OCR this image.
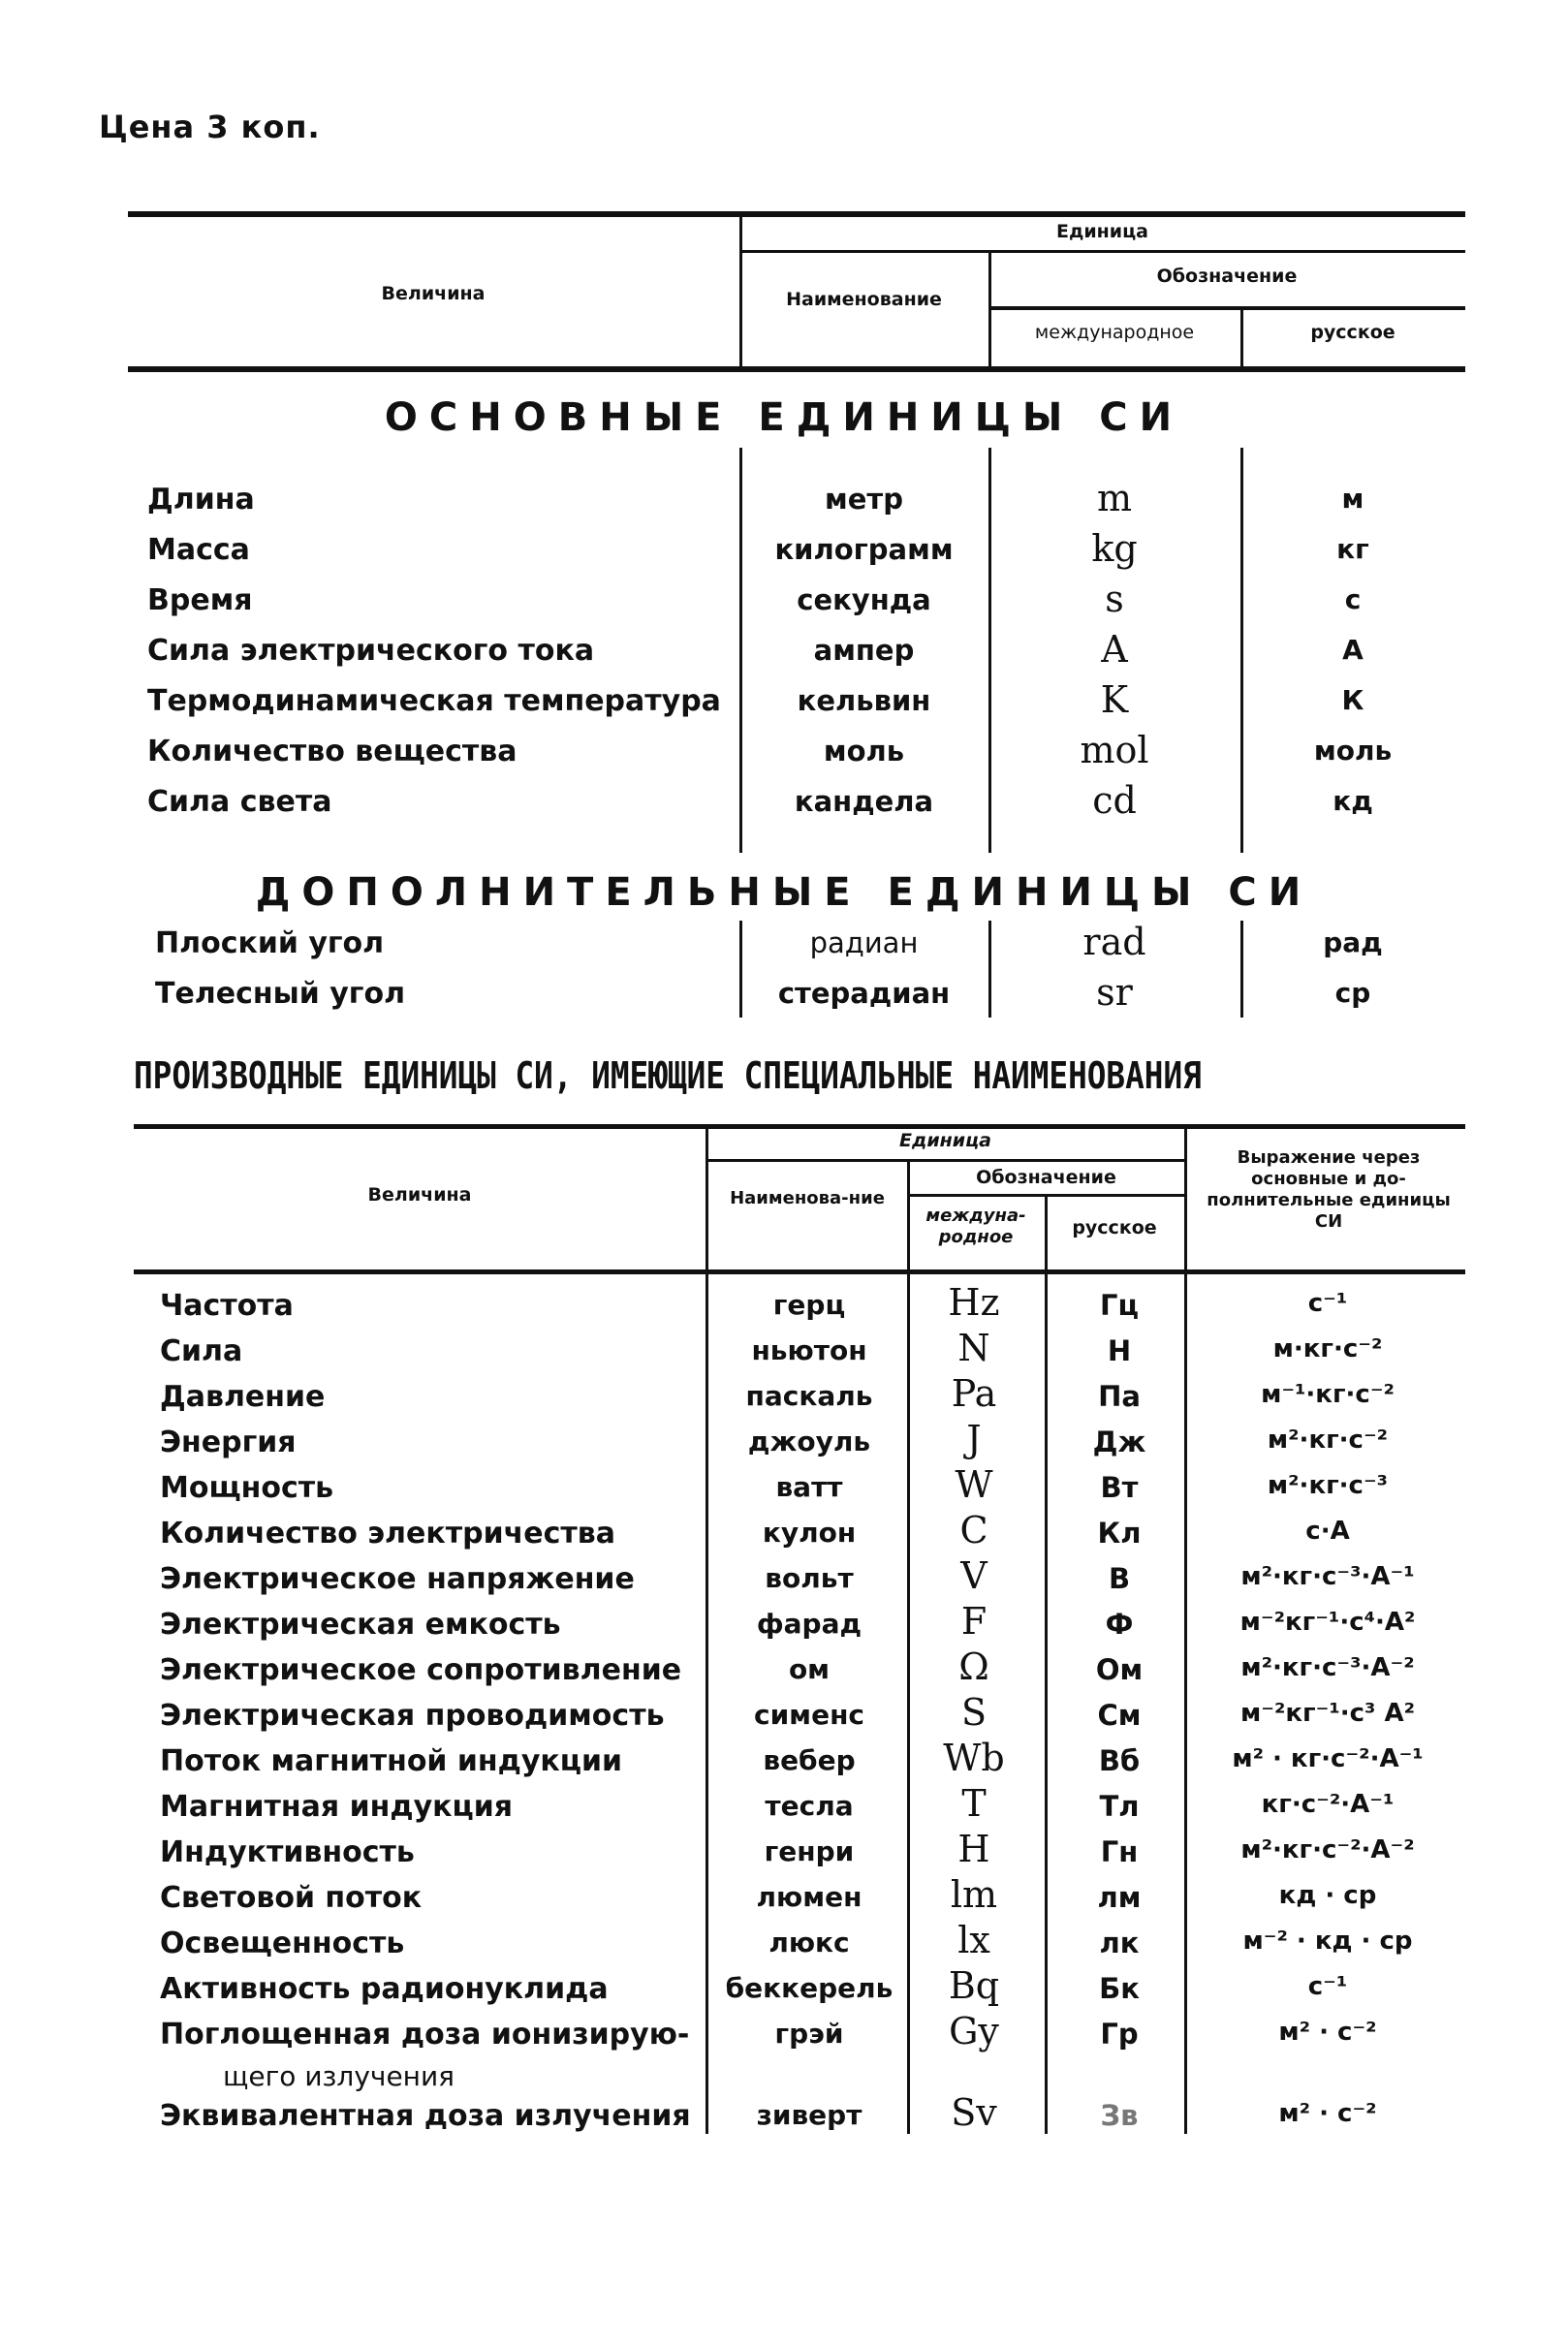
Цена 3 коп.
Величина
Единица
Наименование
Обозначение
международное	русское
ОСНОВНЫЕ ЕДИНИЦЫ СИ
Длина	метр	m	м
Масса	килограмм	kg	кг
Время	секунда	s	с
Сила электрического тока	ампер	A	А
Термодинамическая температура	кельвин	K	К
Количество вещества	моль	mol	моль
Сила света	кандела	cd	кд
ДОПОЛНИТЕЛЬНЫЕ ЕДИНИЦЫ СИ
Плоский угол	радиан	rad	рад
Телесный угол	стерадиан	sr	ср
ПРОИЗВОДНЫЕ ЕДИНИЦЫ СИ, ИМЕЮЩИЕ СПЕЦИАЛЬНЫЕ НАИМЕНОВАНИЯ
Величина
Единица
Наименова-ние
Обозначение
междуна-родное	русское
Выражение через основные и до-полнительные единицы СИ
Частота	герц	Hz	Гц	с⁻¹
Сила	ньютон	N	Н	м·кг·с⁻²
Давление	паскаль	Pa	Па	м⁻¹·кг·с⁻²
Энергия	джоуль	J	Дж	м²·кг·с⁻²
Мощность	ватт	W	Вт	м²·кг·с⁻³
Количество электричества	кулон	C	Кл	с·А
Электрическое напряжение	вольт	V	В	м²·кг·с⁻³·А⁻¹
Электрическая емкость	фарад	F	Ф	м⁻²кг⁻¹·с⁴·А²
Электрическое сопротивление	ом	Ω	Ом	м²·кг·с⁻³·А⁻²
Электрическая проводимость	сименс	S	См	м⁻²кг⁻¹·с³ А²
Поток магнитной индукции	вебер	Wb	Вб	м² · кг·с⁻²·А⁻¹
Магнитная индукция	тесла	T	Тл	кг·с⁻²·А⁻¹
Индуктивность	генри	H	Гн	м²·кг·с⁻²·А⁻²
Световой поток	люмен	lm	лм	кд · ср
Освещенность	люкс	lx	лк	м⁻² · кд · ср
Активность радионуклида	беккерель	Bq	Бк	с⁻¹
Поглощенная доза ионизирую-	грэй	Gy	Гр	м² · с⁻²
щего излучения
Эквивалентная доза излучения	зиверт	Sv	Зв	м² · с⁻²
